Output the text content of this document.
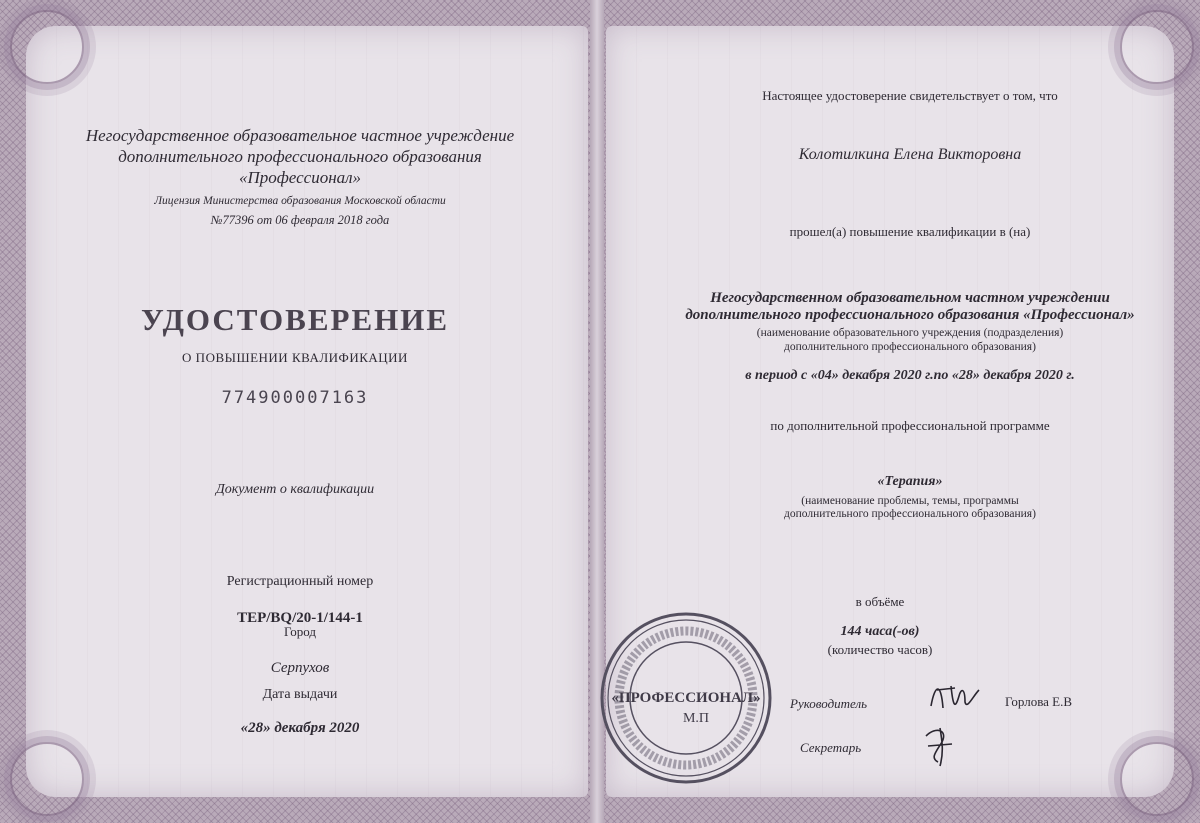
Негосударственное образовательное частное учреждение
дополнительного профессионального образования
«Профессионал»
Лицензия Министерства образования Московской области
№77396 от 06 февраля 2018 года
УДОСТОВЕРЕНИЕ
О ПОВЫШЕНИИ КВАЛИФИКАЦИИ
774900007163
Документ о квалификации
Регистрационный номер
TEP/BQ/20-1/144-1
Город
Серпухов
Дата выдачи
«28» декабря 2020
Настоящее удостоверение свидетельствует о том, что
Колотилкина Елена Викторовна
прошел(а) повышение квалификации в (на)
Негосударственном образовательном частном учреждении
дополнительного профессионального образования «Профессионал»
(наименование образовательного учреждения (подразделения)
дополнительного профессионального образования)
в период с «04» декабря 2020 г.по «28» декабря 2020 г.
по дополнительной профессиональной программе
«Терапия»
(наименование проблемы, темы, программы
дополнительного профессионального образования)
в объёме
144 часа(-ов)
(количество часов)
Руководитель	Горлова Е.В
Секретарь
«ПРОФЕССИОНАЛ»
М.П
